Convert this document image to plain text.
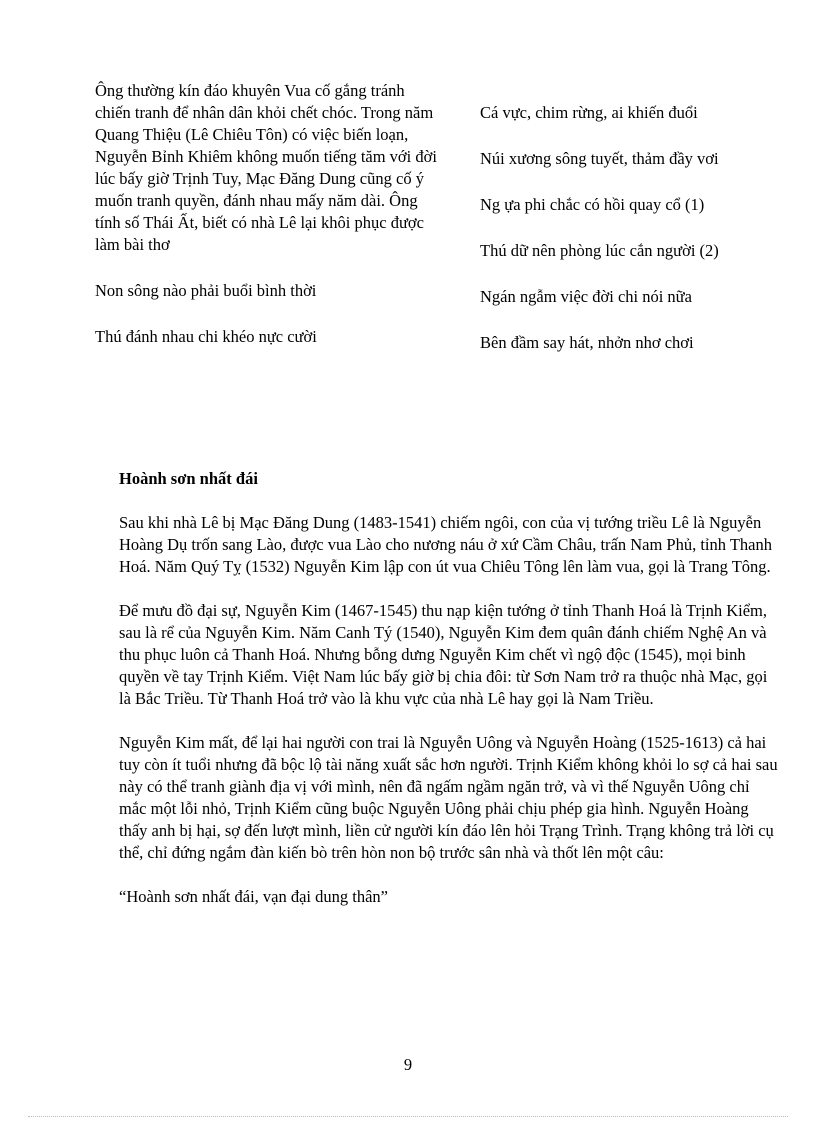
Ông thường kín đáo khuyên Vua cố gắng tránh chiến tranh để nhân dân khỏi chết chóc. Trong năm Quang Thiệu (Lê Chiêu Tôn) có việc biến loạn, Nguyễn Bỉnh Khiêm không muốn tiếng tăm với đời lúc bấy giờ Trịnh Tuy, Mạc Đăng Dung cũng cố ý muốn tranh quyền, đánh nhau mấy năm dài. Ông tính số Thái Ất, biết có nhà Lê lại khôi phục được làm bài thơ

Non sông nào phải buổi bình thời

Thú đánh nhau chi khéo nực cười

Cá vực, chim rừng, ai khiến đuổi

Núi xương sông tuyết, thảm đầy vơi

Ng ựa phi chắc có hồi quay cổ (1)

Thú dữ nên phòng lúc cắn người (2)

Ngán ngẫm việc đời chi nói nữa

Bên đầm say hát, nhởn nhơ chơi

Hoành sơn nhất đái

Sau khi nhà Lê bị Mạc Đăng Dung (1483-1541) chiếm ngôi, con của vị tướng triều Lê là Nguyễn Hoàng Dụ trốn sang Lào, được vua Lào cho nương náu ở xứ Cầm Châu, trấn Nam Phủ, tỉnh Thanh Hoá. Năm Quý Tỵ (1532) Nguyễn Kim lập con út vua Chiêu Tông lên làm vua, gọi là Trang Tông.

Để mưu đồ đại sự, Nguyễn Kim (1467-1545) thu nạp kiện tướng ở tỉnh Thanh Hoá là Trịnh Kiểm, sau là rể của Nguyễn Kim. Năm Canh Tý (1540), Nguyễn Kim đem quân đánh chiếm Nghệ An và thu phục luôn cả Thanh Hoá. Nhưng bỗng dưng Nguyễn Kim chết vì ngộ độc (1545), mọi binh quyền về tay Trịnh Kiểm. Việt Nam lúc bấy giờ bị chia đôi: từ Sơn Nam trở ra thuộc nhà Mạc, gọi là Bắc Triều. Từ Thanh Hoá trở vào là khu vực của nhà Lê hay gọi là Nam Triều.

Nguyễn Kim mất, để lại hai người con trai là Nguyễn Uông và Nguyễn Hoàng (1525-1613) cả hai tuy còn ít tuổi nhưng đã bộc lộ tài năng xuất sắc hơn người. Trịnh Kiểm không khỏi lo sợ cả hai sau này có thể tranh giành địa vị với mình, nên đã ngấm ngầm ngăn trở, và vì thế Nguyễn Uông chỉ mắc một lỗi nhỏ, Trịnh Kiểm cũng buộc Nguyễn Uông phải chịu phép gia hình. Nguyễn Hoàng thấy anh bị hại, sợ đến lượt mình, liền cử người kín đáo lên hỏi Trạng Trình. Trạng không trả lời cụ thể, chỉ đứng ngắm đàn kiến bò trên hòn non bộ trước sân nhà và thốt lên một câu:

“Hoành sơn nhất đái, vạn đại dung thân”

9
